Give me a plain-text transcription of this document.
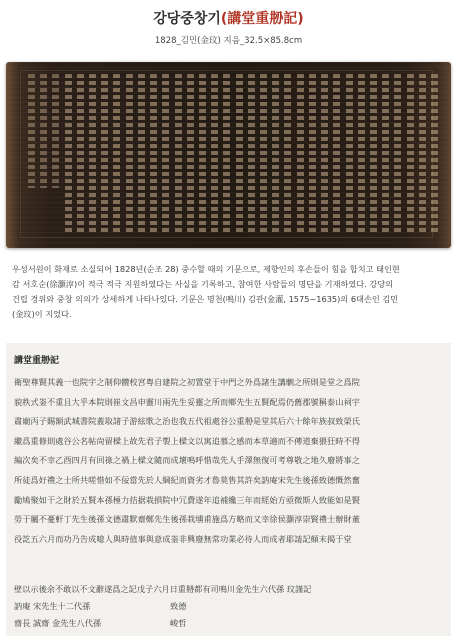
강당중창기(講堂重刱記)
1828_김민(金玟) 지음_32.5×85.8cm
우성서원이 화재로 소실되어 1828년(순조 28) 중수할 때의 기문으로, 제향인의 후손들이 힘을 합치고 태인현
감 서호순(徐灝淳)이 적극 적극 지원하였다는 사실을 기록하고, 참여한 사람들의 명단을 기재하였다. 강당의
건립 경위와 중창 의의가 상세하게 나타나있다. 기문은 명천(鳴川) 김관(金灌, 1575~1635)의 6대손인 김민
(金玟)이 지었다.
講堂重刱記
衛聖尊賢其義一也院宇之制仰體校宮粤自建院之初置堂于中門之外爲諸生講劘之所則是堂之爲院
貌秩式崟不重且大乎本院則崔文昌申靈川兩先生妥靈之所而鄉先生五賢配焉仍舊郡號稱泰山祠宇
肅廟丙子賜額武城書院蓋取諸子游絃歌之治也我五代祖處谷公重刱是堂其后六十餘年族叔致榮氏
繼爲重修則處谷公名帖尙留樑上故先君子製上樑文以寓追慕之感而本草適而不傳道棄猥狂時不得
編次矣不幸乙酉四月有回祿之禍上樑文隨而成壞鳴呼惜哉先人手澤無復可考尊敬之地久廢將事之
所徒爲好禮之士所共嗟惜如不佞當先於人綱紀而資劣才魯莫售其許矣訥庵宋先生後孫致德慨然奮
勵鳩聚如干之財於五賢本孫極力拮据栽損院中冗費遂年追補纔三年而經始方亟微斯人致能如是賢
勞于屬不憂軒丁先生後孫文德肅默齋鄭先生後孫栽壎甫施爲方略而又幸徐侯灝淳崇賢禮士辦財董
役訖五六月而功乃告成噫人與時值事與意成崟非興廢無常功業必待人而成者耶請記顛末揭于堂
壁以示後余不敢以不文辭遂爲之記戊子六月日重刱都有司鳴川金先生六代孫 玟謹記
訥庵 宋先生十二代孫	致德
齋長 誠齋 金先生八代孫	峻哲
